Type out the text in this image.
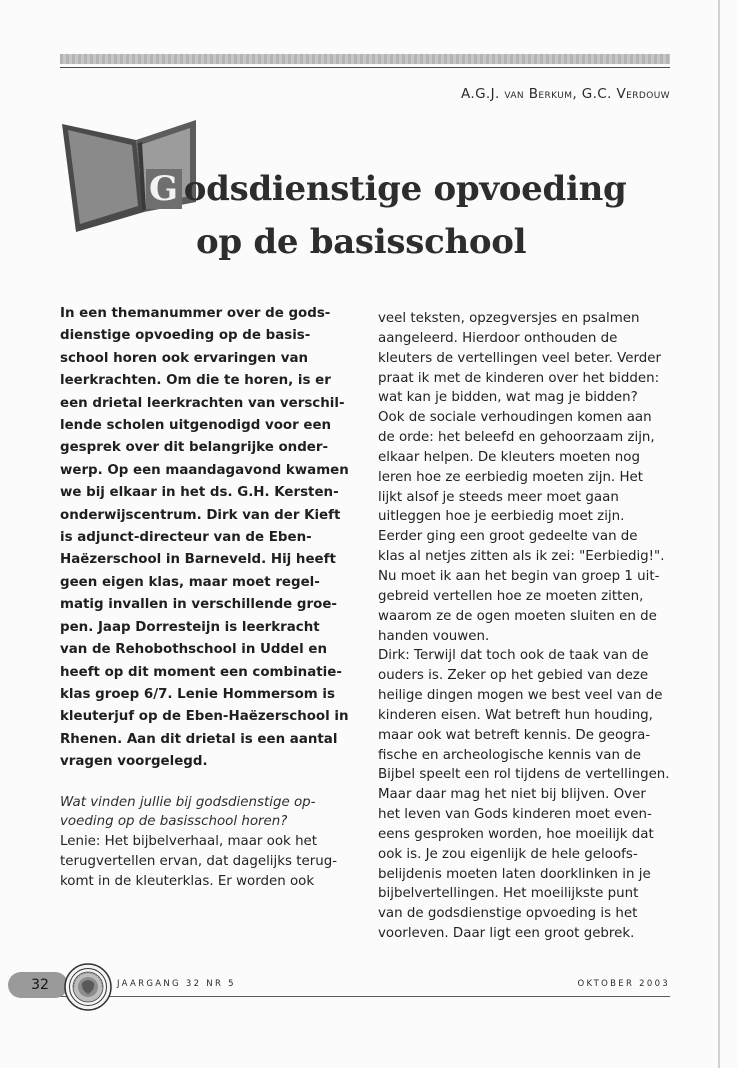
A.G.J. van Berkum, G.C. Verdouw

G odsdienstige opvoeding
op de basisschool

In een themanummer over de gods-

dienstige opvoeding op de basis-

school horen ook ervaringen van

leerkrachten. Om die te horen, is er

een drietal leerkrachten van verschil-

lende scholen uitgenodigd voor een

gesprek over dit belangrijke onder-

werp. Op een maandagavond kwamen

we bij elkaar in het ds. G.H. Kersten-

onderwijscentrum. Dirk van der Kieft

is adjunct-directeur van de Eben-

Haëzerschool in Barneveld. Hij heeft

geen eigen klas, maar moet regel-

matig invallen in verschillende groe-

pen. Jaap Dorresteijn is leerkracht

van de Rehobothschool in Uddel en

heeft op dit moment een combinatie-

klas groep 6/7. Lenie Hommersom is

kleuterjuf op de Eben-Haëzerschool in

Rhenen. Aan dit drietal is een aantal

vragen voorgelegd.

Wat vinden jullie bij godsdienstige op-

voeding op de basisschool horen?

Lenie: Het bijbelverhaal, maar ook het

terugvertellen ervan, dat dagelijks terug-

komt in de kleuterklas. Er worden ook

veel teksten, opzegversjes en psalmen

aangeleerd. Hierdoor onthouden de

kleuters de vertellingen veel beter. Verder

praat ik met de kinderen over het bidden:

wat kan je bidden, wat mag je bidden?

Ook de sociale verhoudingen komen aan

de orde: het beleefd en gehoorzaam zijn,

elkaar helpen. De kleuters moeten nog

leren hoe ze eerbiedig moeten zijn. Het

lijkt alsof je steeds meer moet gaan

uitleggen hoe je eerbiedig moet zijn.

Eerder ging een groot gedeelte van de

klas al netjes zitten als ik zei: "Eerbiedig!".

Nu moet ik aan het begin van groep 1 uit-

gebreid vertellen hoe ze moeten zitten,

waarom ze de ogen moeten sluiten en de

handen vouwen.

Dirk: Terwijl dat toch ook de taak van de

ouders is. Zeker op het gebied van deze

heilige dingen mogen we best veel van de

kinderen eisen. Wat betreft hun houding,

maar ook wat betreft kennis. De geogra-

fische en archeologische kennis van de

Bijbel speelt een rol tijdens de vertellingen.

Maar daar mag het niet bij blijven. Over

het leven van Gods kinderen moet even-

eens gesproken worden, hoe moeilijk dat

ook is. Je zou eigenlijk de hele geloofs-

belijdenis moeten laten doorklinken in je

bijbelvertellingen. Het moeilijkste punt

van de godsdienstige opvoeding is het

voorleven. Daar ligt een groot gebrek.

32	JAARGANG 32 NR 5	OKTOBER 2003
